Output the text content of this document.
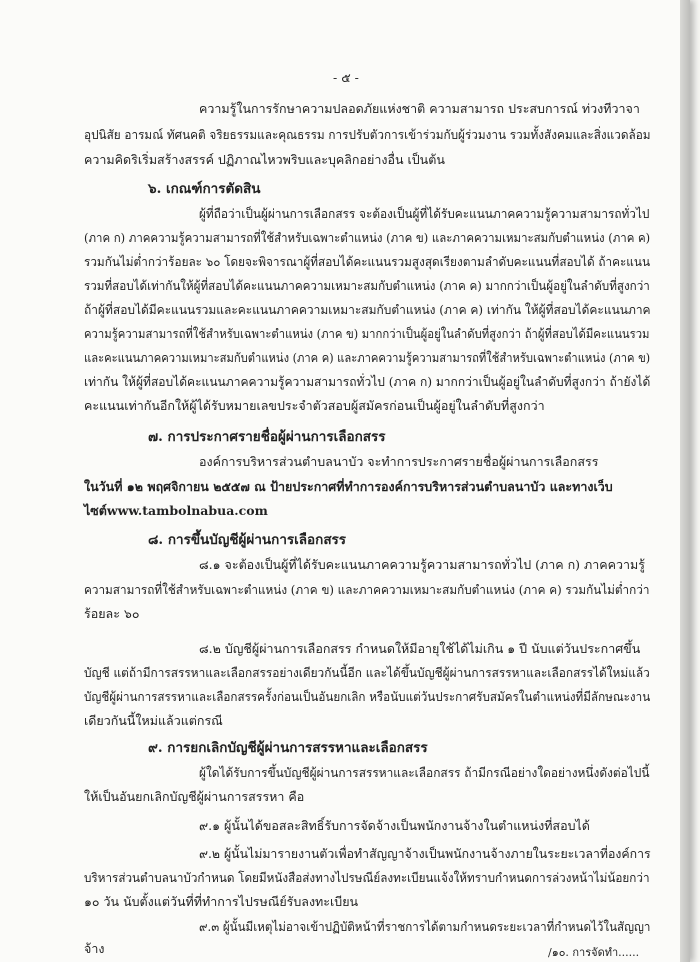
- ๕ -
ความรู้ในการรักษาความปลอดภัยแห่งชาติ ความสามารถ ประสบการณ์ ท่วงทีวาจา
อุปนิสัย อารมณ์ ทัศนคติ จริยธรรมและคุณธรรม การปรับตัวการเข้าร่วมกับผู้ร่วมงาน รวมทั้งสังคมและสิ่งแวดล้อม
ความคิดริเริ่มสร้างสรรค์ ปฏิภาณไหวพริบและบุคลิกอย่างอื่น เป็นต้น
๖. เกณฑ์การตัดสิน
ผู้ที่ถือว่าเป็นผู้ผ่านการเลือกสรร จะต้องเป็นผู้ที่ได้รับคะแนนภาคความรู้ความสามารถทั่วไป
(ภาค ก) ภาคความรู้ความสามารถที่ใช้สำหรับเฉพาะตำแหน่ง (ภาค ข) และภาคความเหมาะสมกับตำแหน่ง (ภาค ค)
รวมกันไม่ต่ำกว่าร้อยละ ๖๐ โดยจะพิจารณาผู้ที่สอบได้คะแนนรวมสูงสุดเรียงตามลำดับคะแนนที่สอบได้ ถ้าคะแนน
รวมที่สอบได้เท่ากันให้ผู้ที่สอบได้คะแนนภาคความเหมาะสมกับตำแหน่ง (ภาค ค) มากกว่าเป็นผู้อยู่ในลำดับที่สูงกว่า
ถ้าผู้ที่สอบได้มีคะแนนรวมและคะแนนภาคความเหมาะสมกับตำแหน่ง (ภาค ค) เท่ากัน ให้ผู้ที่สอบได้คะแนนภาค
ความรู้ความสามารถที่ใช้สำหรับเฉพาะตำแหน่ง (ภาค ข) มากกว่าเป็นผู้อยู่ในลำดับที่สูงกว่า ถ้าผู้ที่สอบได้มีคะแนนรวม
และคะแนนภาคความเหมาะสมกับตำแหน่ง (ภาค ค) และภาคความรู้ความสามารถที่ใช้สำหรับเฉพาะตำแหน่ง (ภาค ข)
เท่ากัน ให้ผู้ที่สอบได้คะแนนภาคความรู้ความสามารถทั่วไป (ภาค ก) มากกว่าเป็นผู้อยู่ในลำดับที่สูงกว่า ถ้ายังได้
คะแนนเท่ากันอีกให้ผู้ได้รับหมายเลขประจำตัวสอบผู้สมัครก่อนเป็นผู้อยู่ในลำดับที่สูงกว่า
๗. การประกาศรายชื่อผู้ผ่านการเลือกสรร
องค์การบริหารส่วนตำบลนาบัว จะทำการประกาศรายชื่อผู้ผ่านการเลือกสรร
ในวันที่ ๑๒ พฤศจิกายน ๒๕๕๗ ณ ป้ายประกาศที่ทำการองค์การบริหารส่วนตำบลนาบัว และทางเว็บ
ไซต์www.tambolnabua.com
๘. การขึ้นบัญชีผู้ผ่านการเลือกสรร
๘.๑ จะต้องเป็นผู้ที่ได้รับคะแนนภาคความรู้ความสามารถทั่วไป (ภาค ก) ภาคความรู้
ความสามารถที่ใช้สำหรับเฉพาะตำแหน่ง (ภาค ข) และภาคความเหมาะสมกับตำแหน่ง (ภาค ค) รวมกันไม่ต่ำกว่า
ร้อยละ ๖๐
๘.๒ บัญชีผู้ผ่านการเลือกสรร กำหนดให้มีอายุใช้ได้ไม่เกิน ๑ ปี นับแต่วันประกาศขึ้น
บัญชี แต่ถ้ามีการสรรหาและเลือกสรรอย่างเดียวกันนี้อีก และได้ขึ้นบัญชีผู้ผ่านการสรรหาและเลือกสรรได้ใหม่แล้ว
บัญชีผู้ผ่านการสรรหาและเลือกสรรครั้งก่อนเป็นอันยกเลิก หรือนับแต่วันประกาศรับสมัครในตำแหน่งที่มีลักษณะงาน
เดียวกันนี้ใหม่แล้วแต่กรณี
๙. การยกเลิกบัญชีผู้ผ่านการสรรหาและเลือกสรร
ผู้ใดได้รับการขึ้นบัญชีผู้ผ่านการสรรหาและเลือกสรร ถ้ามีกรณีอย่างใดอย่างหนึ่งดังต่อไปนี้
ให้เป็นอันยกเลิกบัญชีผู้ผ่านการสรรหา คือ
๙.๑ ผู้นั้นได้ขอสละสิทธิ์รับการจัดจ้างเป็นพนักงานจ้างในตำแหน่งที่สอบได้
๙.๒ ผู้นั้นไม่มารายงานตัวเพื่อทำสัญญาจ้างเป็นพนักงานจ้างภายในระยะเวลาที่องค์การ
บริหารส่วนตำบลนาบัวกำหนด โดยมีหนังสือส่งทางไปรษณีย์ลงทะเบียนแจ้งให้ทราบกำหนดการล่วงหน้าไม่น้อยกว่า
๑๐ วัน นับตั้งแต่วันที่ที่ทำการไปรษณีย์รับลงทะเบียน
๙.๓ ผู้นั้นมีเหตุไม่อาจเข้าปฏิบัติหน้าที่ราชการได้ตามกำหนดระยะเวลาที่กำหนดไว้ในสัญญา
จ้าง	/๑๐. การจัดทำ......
